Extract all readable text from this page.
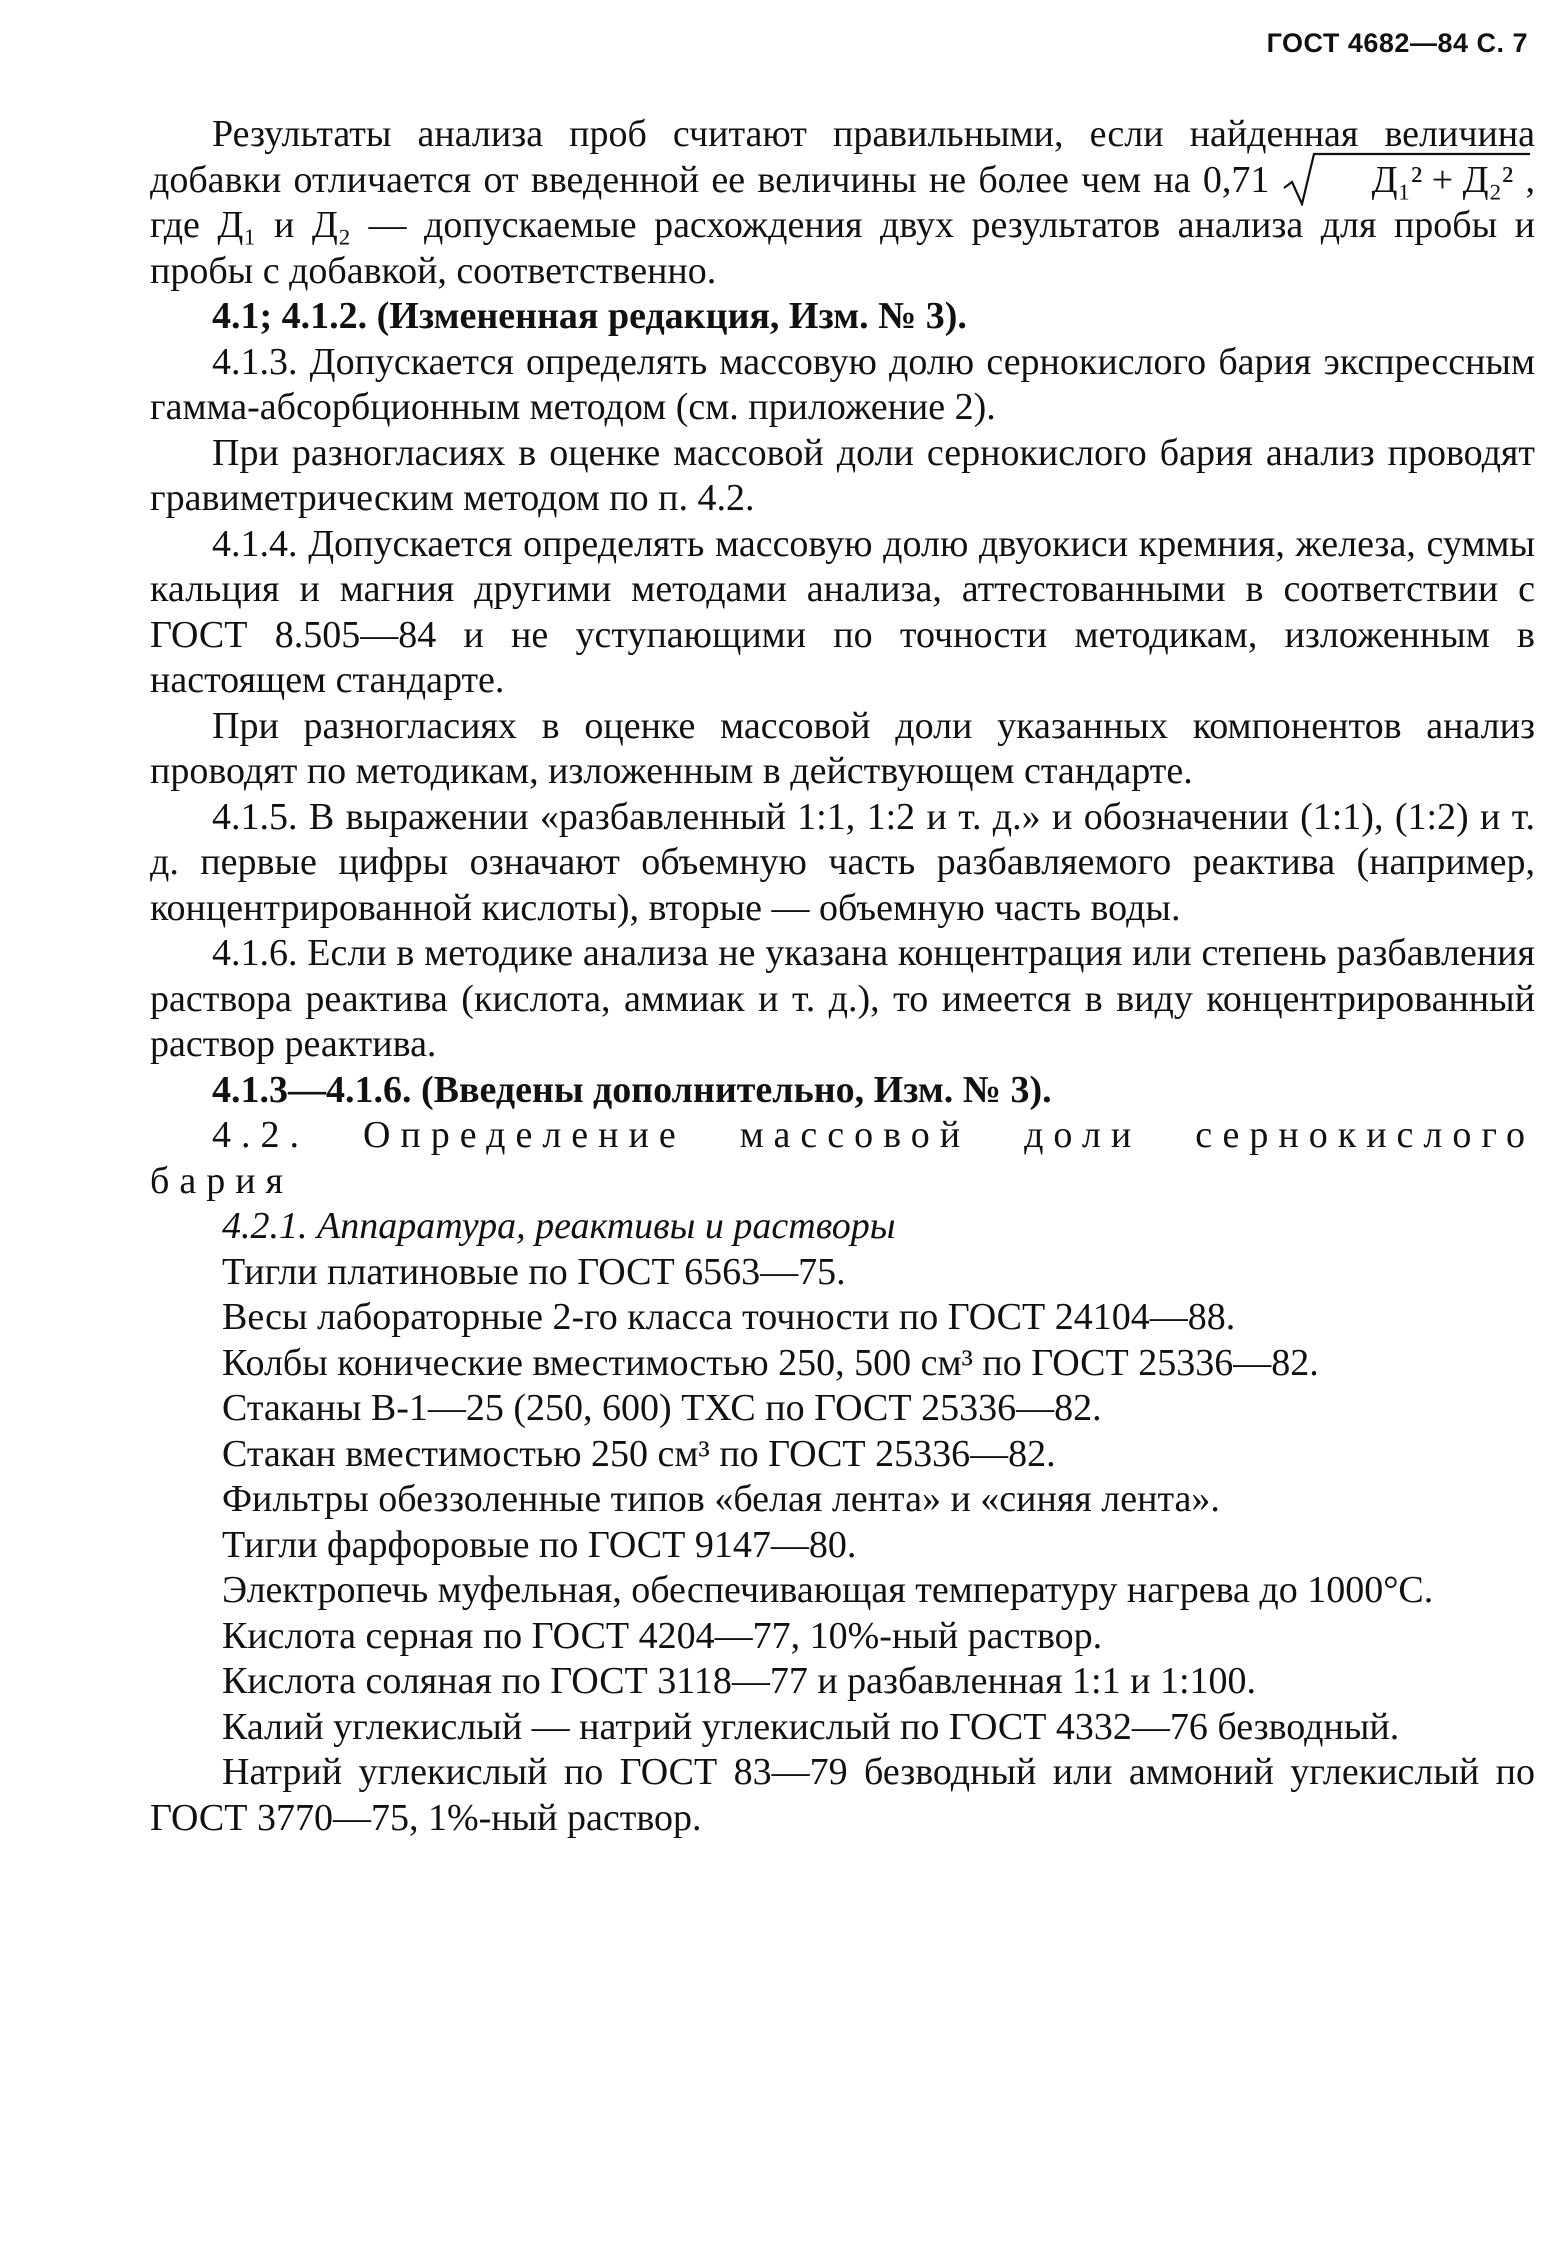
ГОСТ 4682—84 С. 7

Результаты анализа проб считают правильными, если найденная величина добавки отличается от введенной ее величины не более чем на 0,71	Д₁² + Д₂² , где Д₁ и Д₂ — допускаемые расхождения двух результатов анализа для пробы и пробы с добавкой, соответственно.

4.1; 4.1.2. (Измененная редакция, Изм. № 3).

4.1.3. Допускается определять массовую долю сернокислого бария экспрессным гамма-абсорбционным методом (см. приложение 2).

При разногласиях в оценке массовой доли сернокислого бария анализ проводят гравиметрическим методом по п. 4.2.

4.1.4. Допускается определять массовую долю двуокиси кремния, железа, суммы кальция и магния другими методами анализа, аттестованными в соответствии с ГОСТ 8.505—84 и не уступающими по точности методикам, изложенным в настоящем стандарте.

При разногласиях в оценке массовой доли указанных компонентов анализ проводят по методикам, изложенным в действующем стандарте.

4.1.5. В выражении «разбавленный 1:1, 1:2 и т. д.» и обозначении (1:1), (1:2) и т. д. первые цифры означают объемную часть разбавляемого реактива (например, концентрированной кислоты), вторые — объемную часть воды.

4.1.6. Если в методике анализа не указана концентрация или степень разбавления раствора реактива (кислота, аммиак и т. д.), то имеется в виду концентрированный раствор реактива.

4.1.3—4.1.6. (Введены дополнительно, Изм. № 3).

4.2. Определение массовой доли сернокислого бария

4.2.1. Аппаратура, реактивы и растворы

Тигли платиновые по ГОСТ 6563—75.

Весы лабораторные 2-го класса точности по ГОСТ 24104—88.

Колбы конические вместимостью 250, 500 см³ по ГОСТ 25336—82.

Стаканы В-1—25 (250, 600) ТХС по ГОСТ 25336—82.

Стакан вместимостью 250 см³ по ГОСТ 25336—82.

Фильтры обеззоленные типов «белая лента» и «синяя лента».

Тигли фарфоровые по ГОСТ 9147—80.

Электропечь муфельная, обеспечивающая температуру нагрева до 1000°С.

Кислота серная по ГОСТ 4204—77, 10%-ный раствор.

Кислота соляная по ГОСТ 3118—77 и разбавленная 1:1 и 1:100.

Калий углекислый — натрий углекислый по ГОСТ 4332—76 безводный.

Натрий углекислый по ГОСТ 83—79 безводный или аммоний углекислый по ГОСТ 3770—75, 1%-ный раствор.
